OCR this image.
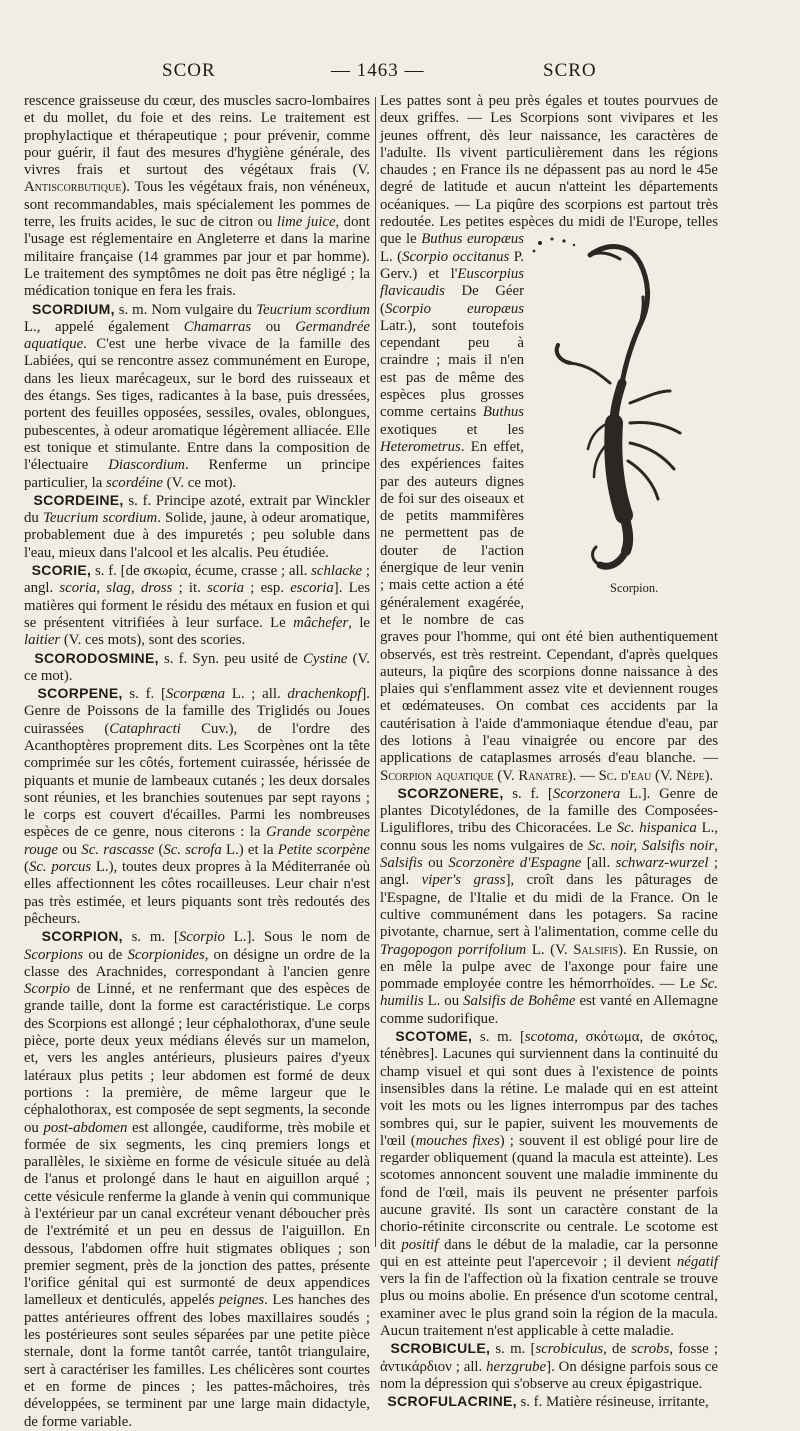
SCOR	— 1463 —	SCRO

rescence graisseuse du cœur, des muscles sacro-lombaires et du mollet, du foie et des reins. Le traitement est prophylactique et thérapeutique ; pour prévenir, comme pour guérir, il faut des mesures d'hygiène générale, des vivres frais et surtout des végétaux frais (V. Antiscorbutique). Tous les végétaux frais, non vénéneux, sont recommandables, mais spécialement les pommes de terre, les fruits acides, le suc de citron ou lime juice, dont l'usage est réglementaire en Angleterre et dans la marine militaire française (14 grammes par jour et par homme). Le traitement des symptômes ne doit pas être négligé ; la médication tonique en fera les frais.

SCORDIUM, s. m. Nom vulgaire du Teucrium scordium L., appelé également Chamarras ou Germandrée aquatique. C'est une herbe vivace de la famille des Labiées, qui se rencontre assez communément en Europe, dans les lieux marécageux, sur le bord des ruisseaux et des étangs. Ses tiges, radicantes à la base, puis dressées, portent des feuilles opposées, sessiles, ovales, oblongues, pubescentes, à odeur aromatique légèrement alliacée. Elle est tonique et stimulante. Entre dans la composition de l'électuaire Diascordium. Renferme un principe particulier, la scordéine (V. ce mot).

SCORDEINE, s. f. Principe azoté, extrait par Winckler du Teucrium scordium. Solide, jaune, à odeur aromatique, probablement due à des impuretés ; peu soluble dans l'eau, mieux dans l'alcool et les alcalis. Peu étudiée.

SCORIE, s. f. [de σκωρία, écume, crasse ; all. schlacke ; angl. scoria, slag, dross ; it. scoria ; esp. escoria]. Les matières qui forment le résidu des métaux en fusion et qui se présentent vitrifiées à leur surface. Le mâchefer, le laitier (V. ces mots), sont des scories.

SCORODOSMINE, s. f. Syn. peu usité de Cystine (V. ce mot).

SCORPENE, s. f. [Scorpæna L. ; all. drachenkopf]. Genre de Poissons de la famille des Triglidés ou Joues cuirassées (Cataphracti Cuv.), de l'ordre des Acanthoptères proprement dits. Les Scorpènes ont la tête comprimée sur les côtés, fortement cuirassée, hérissée de piquants et munie de lambeaux cutanés ; les deux dorsales sont réunies, et les branchies soutenues par sept rayons ; le corps est couvert d'écailles. Parmi les nombreuses espèces de ce genre, nous citerons : la Grande scorpène rouge ou Sc. rascasse (Sc. scrofa L.) et la Petite scorpène (Sc. porcus L.), toutes deux propres à la Méditerranée où elles affectionnent les côtes rocailleuses. Leur chair n'est pas très estimée, et leurs piquants sont très redoutés des pêcheurs.

SCORPION, s. m. [Scorpio L.]. Sous le nom de Scorpions ou de Scorpionides, on désigne un ordre de la classe des Arachnides, correspondant à l'ancien genre Scorpio de Linné, et ne renfermant que des espèces de grande taille, dont la forme est caractéristique. Le corps des Scorpions est allongé ; leur céphalothorax, d'une seule pièce, porte deux yeux médians élevés sur un mamelon, et, vers les angles antérieurs, plusieurs paires d'yeux latéraux plus petits ; leur abdomen est formé de deux portions : la première, de même largeur que le céphalothorax, est composée de sept segments, la seconde ou post-abdomen est allongée, caudiforme, très mobile et formée de six segments, les cinq premiers longs et parallèles, le sixième en forme de vésicule située au delà de l'anus et prolongé dans le haut en aiguillon arqué ; cette vésicule renferme la glande à venin qui communique à l'extérieur par un canal excréteur venant déboucher près de l'extrémité et un peu en dessus de l'aiguillon. En dessous, l'abdomen offre huit stigmates obliques ; son premier segment, près de la jonction des pattes, présente l'orifice génital qui est surmonté de deux appendices lamelleux et denticulés, appelés peignes. Les hanches des pattes antérieures offrent des lobes maxillaires soudés ; les postérieures sont seules séparées par une petite pièce sternale, dont la forme tantôt carrée, tantôt triangulaire, sert à caractériser les familles. Les chélicères sont courtes et en forme de pinces ; les pattes-mâchoires, très développées, se terminent par une large main didactyle, de forme variable.

Les pattes sont à peu près égales et toutes pourvues de deux griffes. — Les Scorpions sont vivipares et les jeunes offrent, dès leur naissance, les caractères de l'adulte. Ils vivent particulièrement dans les régions chaudes ; en France ils ne dépassent pas au nord le 45e degré de latitude et aucun n'atteint les départements océaniques. — La piqûre des scorpions est partout très redoutée. Les petites espèces du midi de l'Europe, telles que le
Scorpion.
Buthus europæus L. (Scorpio occitanus P. Gerv.) et l'Euscorpius flavicaudis De Géer (Scorpio europæus Latr.), sont toutefois cependant peu à craindre ; mais il n'en est pas de même des espèces plus grosses comme certains Buthus exotiques et les Heterometrus. En effet, des expériences faites par des auteurs dignes de foi sur des oiseaux et de petits mammifères ne permettent pas de douter de l'action énergique de leur venin ; mais cette action a été généralement exagérée, et le nombre de cas graves pour l'homme, qui ont été bien authentiquement observés, est très restreint. Cependant, d'après quelques auteurs, la piqûre des scorpions donne naissance à des plaies qui s'enflamment assez vite et deviennent rouges et œdémateuses. On combat ces accidents par la cautérisation à l'aide d'ammoniaque étendue d'eau, par des lotions à l'eau vinaigrée ou encore par des applications de cataplasmes arrosés d'eau blanche. — Scorpion aquatique (V. Ranatre). — Sc. d'eau (V. Nèpe).

SCORZONERE, s. f. [Scorzonera L.]. Genre de plantes Dicotylédones, de la famille des Composées-Liguliflores, tribu des Chicoracées. Le Sc. hispanica L., connu sous les noms vulgaires de Sc. noir, Salsifis noir, Salsifis ou Scorzonère d'Espagne [all. schwarz-wurzel ; angl. viper's grass], croît dans les pâturages de l'Espagne, de l'Italie et du midi de la France. On le cultive communément dans les potagers. Sa racine pivotante, charnue, sert à l'alimentation, comme celle du Tragopogon porrifolium L. (V. Salsifis). En Russie, on en mêle la pulpe avec de l'axonge pour faire une pommade employée contre les hémorrhoïdes. — Le Sc. humilis L. ou Salsifis de Bohême est vanté en Allemagne comme sudorifique.

SCOTOME, s. m. [scotoma, σκότωμα, de σκότος, ténèbres]. Lacunes qui surviennent dans la continuité du champ visuel et qui sont dues à l'existence de points insensibles dans la rétine. Le malade qui en est atteint voit les mots ou les lignes interrompus par des taches sombres qui, sur le papier, suivent les mouvements de l'œil (mouches fixes) ; souvent il est obligé pour lire de regarder obliquement (quand la macula est atteinte). Les scotomes annoncent souvent une maladie imminente du fond de l'œil, mais ils peuvent ne présenter parfois aucune gravité. Ils sont un caractère constant de la chorio-rétinite circonscrite ou centrale. Le scotome est dit positif dans le début de la maladie, car la personne qui en est atteinte peut l'apercevoir ; il devient négatif vers la fin de l'affection où la fixation centrale se trouve plus ou moins abolie. En présence d'un scotome central, examiner avec le plus grand soin la région de la macula. Aucun traitement n'est applicable à cette maladie.

SCROBICULE, s. m. [scrobiculus, de scrobs, fosse ; ἀντικάρδιον ; all. herzgrube]. On désigne parfois sous ce nom la dépression qui s'observe au creux épigastrique.

SCROFULACRINE, s. f. Matière résineuse, irritante,
